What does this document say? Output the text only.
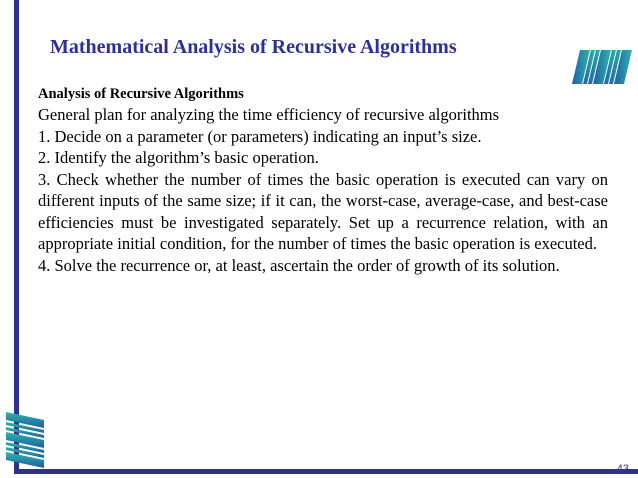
Mathematical Analysis of Recursive Algorithms

Analysis of Recursive Algorithms

General plan for analyzing the time efficiency of recursive algorithms

1. Decide on a parameter (or parameters) indicating an input’s size.

2. Identify the algorithm’s basic operation.

3. Check whether the number of times the basic operation is executed can vary on different inputs of the same size; if it can, the worst-case, average-case, and best-case efficiencies must be investigated separately. Set up a recurrence relation, with an appropriate initial condition, for the number of times the basic operation is executed.

4. Solve the recurrence or, at least, ascertain the order of growth of its solution.

43
